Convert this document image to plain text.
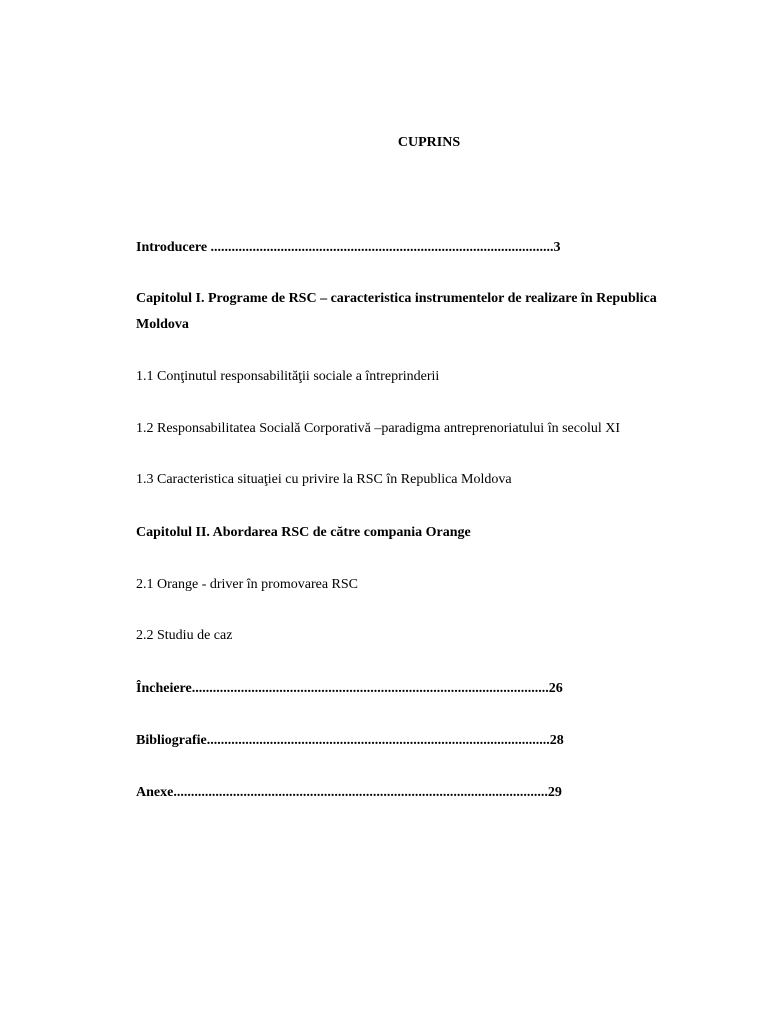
CUPRINS
Introducere ..................................................................................................3
Capitolul I. Programe de RSC – caracteristica instrumentelor de realizare în Republica Moldova
1.1 Conţinutul responsabilităţii sociale a întreprinderii
1.2 Responsabilitatea Socială Corporativă –paradigma antreprenoriatului în secolul XI
1.3 Caracteristica situaţiei cu privire la RSC în Republica Moldova
Capitolul II. Abordarea RSC de către compania Orange
2.1 Orange - driver în promovarea RSC
2.2 Studiu de caz
Încheiere......................................................................................................26
Bibliografie..................................................................................................28
Anexe...........................................................................................................29
